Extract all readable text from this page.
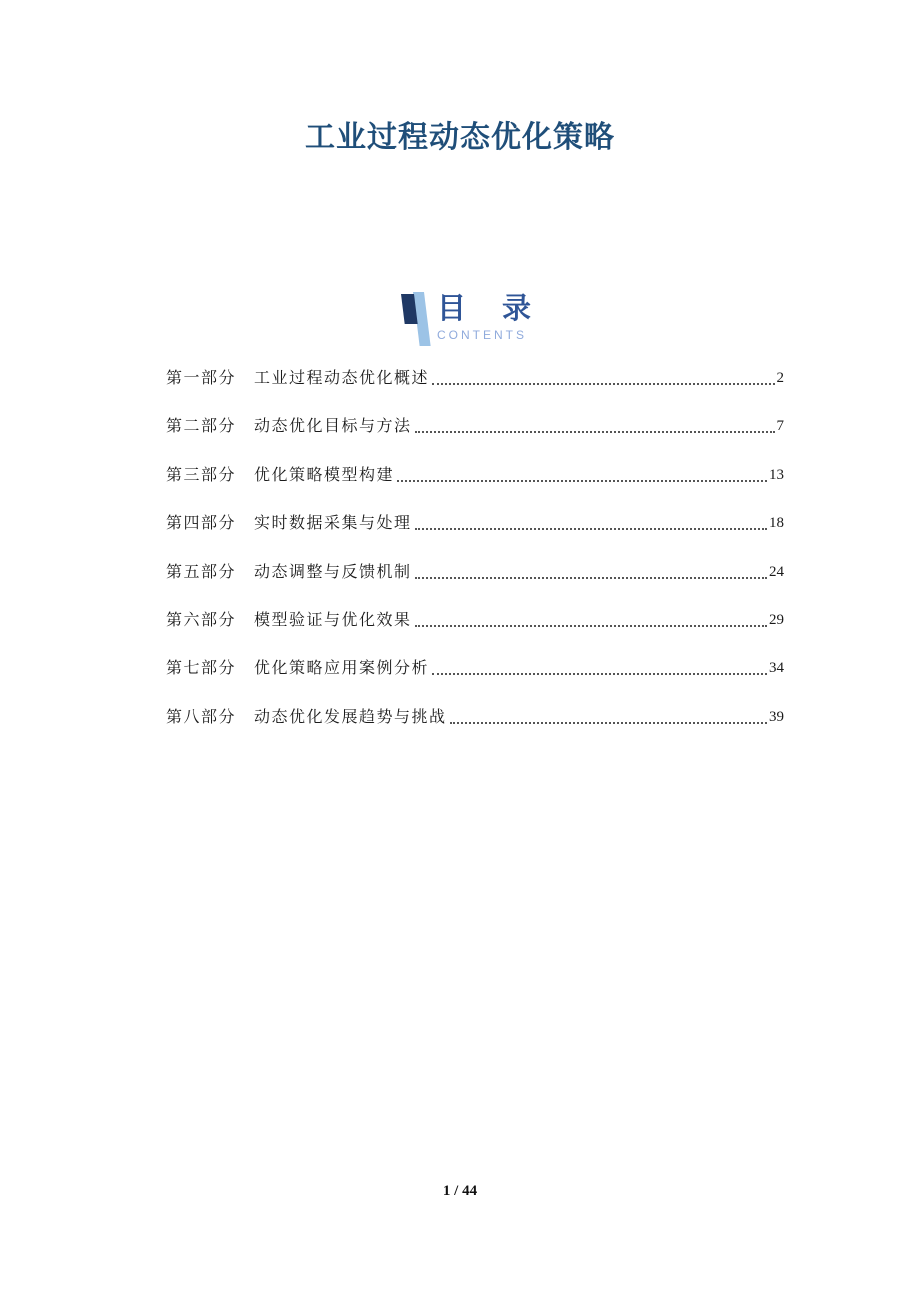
工业过程动态优化策略
目 录
CONTENTS
第一部分	工业过程动态优化概述	2
第二部分	动态优化目标与方法	7
第三部分	优化策略模型构建	13
第四部分	实时数据采集与处理	18
第五部分	动态调整与反馈机制	24
第六部分	模型验证与优化效果	29
第七部分	优化策略应用案例分析	34
第八部分	动态优化发展趋势与挑战	39
1 / 44
